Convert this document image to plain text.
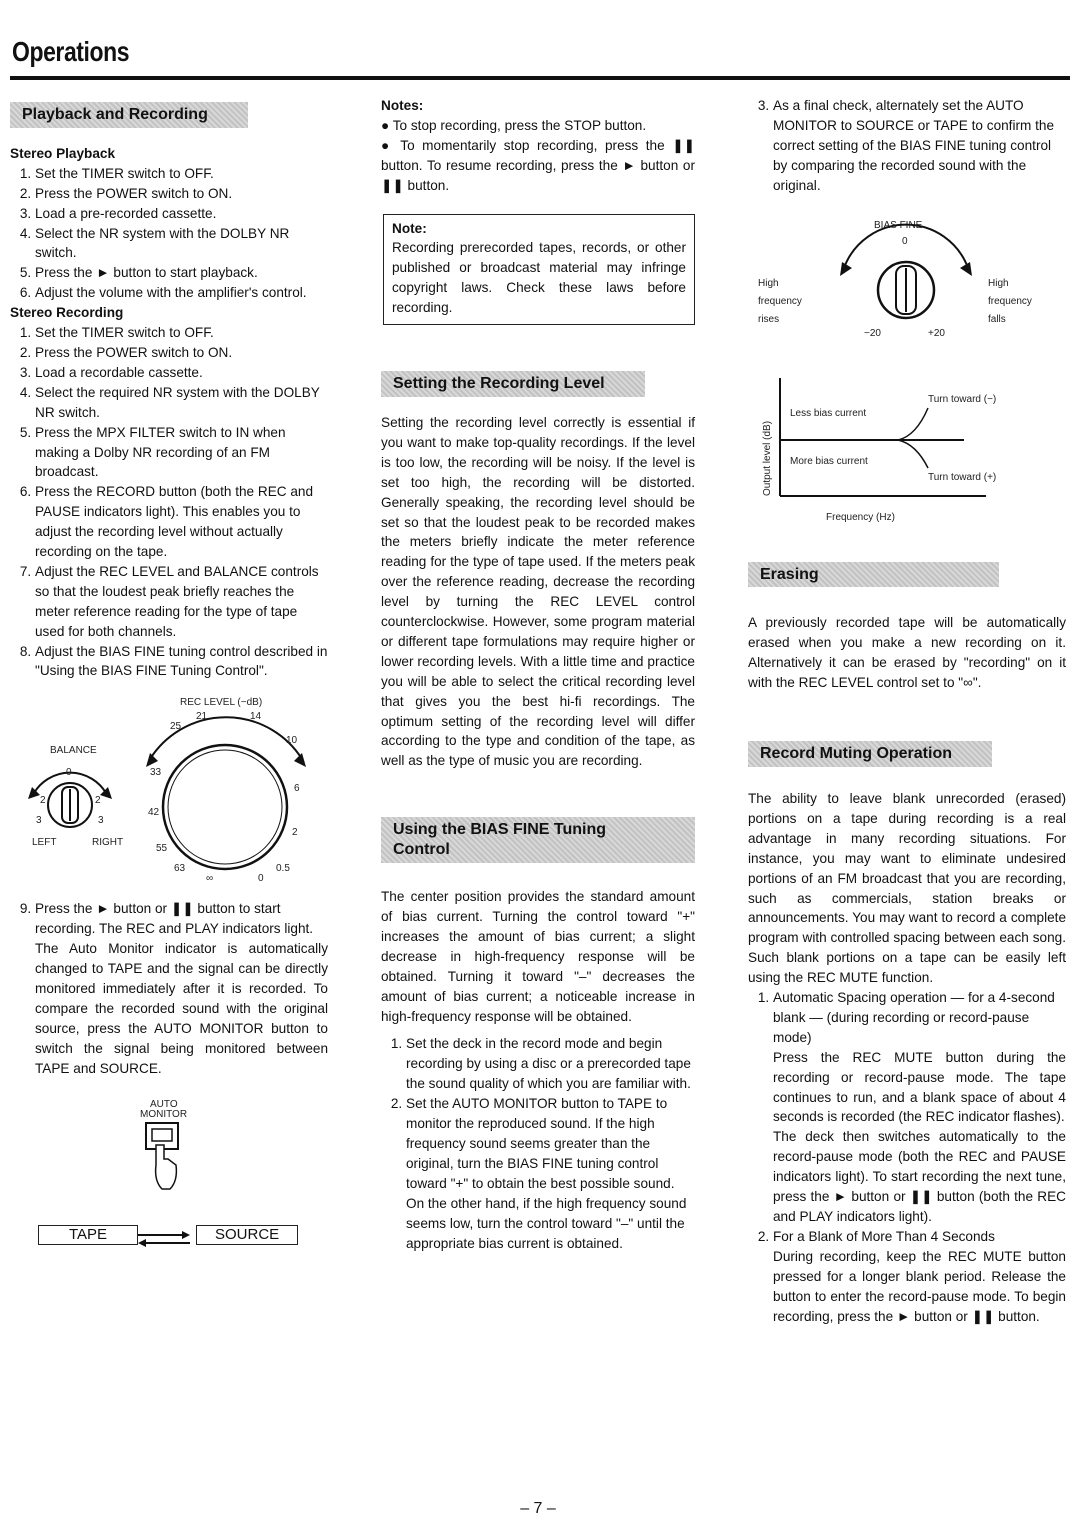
Operations
Playback and Recording
Stereo Playback
1. Set the TIMER switch to OFF.
2. Press the POWER switch to ON.
3. Load a pre-recorded cassette.
4. Select the NR system with the DOLBY NR switch.
5. Press the ► button to start playback.
6. Adjust the volume with the amplifier's control.
Stereo Recording
1. Set the TIMER switch to OFF.
2. Press the POWER switch to ON.
3. Load a recordable cassette.
4. Select the required NR system with the DOLBY NR switch.
5. Press the MPX FILTER switch to IN when making a Dolby NR recording of an FM broadcast.
6. Press the RECORD button (both the REC and PAUSE indicators light). This enables you to adjust the recording level without actually recording on the tape.
7. Adjust the REC LEVEL and BALANCE controls so that the loudest peak briefly reaches the meter reference reading for the type of tape used for both channels.
8. Adjust the BIAS FINE tuning control described in "Using the BIAS FINE Tuning Control".
REC LEVEL (−dB)
BALANCE
0
2	2
3	3
LEFT	RIGHT
25
21	14
10
33
42
55
63
∞
6
2
0
0.5
9. Press the ► button or ❚❚ button to start recording. The REC and PLAY indicators light.

The Auto Monitor indicator is automatically changed to TAPE and the signal can be directly monitored immediately after it is recorded. To compare the recorded sound with the original source, press the AUTO MONITOR button to switch the signal being monitored between TAPE and SOURCE.

AUTO
MONITOR
TAPE	SOURCE
Notes:

● To stop recording, press the STOP button.

● To momentarily stop recording, press the ❚❚ button. To resume recording, press the ► button or ❚❚ button.

Note:

Recording prerecorded tapes, records, or other published or broadcast material may infringe copyright laws. Check these laws before recording.

Setting the Recording Level

Setting the recording level correctly is essential if you want to make top-quality recordings. If the level is too low, the recording will be noisy. If the level is set too high, the recording will be distorted. Generally speaking, the recording level should be set so that the loudest peak to be recorded makes the meters briefly indicate the meter reference reading for the type of tape used. If the meters peak over the reference reading, decrease the recording level by turning the REC LEVEL control counterclockwise. However, some program material or different tape formulations may require higher or lower recording levels. With a little time and practice you will be able to select the critical recording level that gives you the best hi-fi recordings. The optimum setting of the recording level will differ according to the type and condition of the tape, as well as the type of music you are recording.

Using the BIAS FINE Tuning Control

The center position provides the standard amount of bias current. Turning the control toward "+" increases the amount of bias current; a slight decrease in high-frequency response will be obtained. Turning it toward "–" decreases the amount of bias current; a noticeable increase in high-frequency response will be obtained.

1. Set the deck in the record mode and begin recording by using a disc or a prerecorded tape the sound quality of which you are familiar with.
2. Set the AUTO MONITOR button to TAPE to monitor the reproduced sound. If the high frequency sound seems greater than the original, turn the BIAS FINE tuning control toward "+" to obtain the best possible sound. On the other hand, if the high frequency sound seems low, turn the control toward "–" until the appropriate bias current is obtained.
3. As a final check, alternately set the AUTO MONITOR to SOURCE or TAPE to confirm the correct setting of the BIAS FINE tuning control by comparing the recorded sound with the original.
BIAS FINE
0
−20	+20
High
frequency
rises
High
frequency
falls
Output level (dB)
Less bias current
More bias current
Turn toward (−)
Turn toward (+)
Frequency (Hz)
Erasing

A previously recorded tape will be automatically erased when you make a new recording on it. Alternatively it can be erased by "recording" on it with the REC LEVEL control set to "∞".

Record Muting Operation

The ability to leave blank unrecorded (erased) portions on a tape during recording is a real advantage in many recording situations. For instance, you may want to eliminate undesired portions of an FM broadcast that you are recording, such as commercials, station breaks or announcements. You may want to record a complete program with controlled spacing between each song. Such blank portions on a tape can be easily left using the REC MUTE function.

1. Automatic Spacing operation — for a 4-second blank — (during recording or record-pause mode)

Press the REC MUTE button during the recording or record-pause mode. The tape continues to run, and a blank space of about 4 seconds is recorded (the REC indicator flashes).

The deck then switches automatically to the record-pause mode (both the REC and PAUSE indicators light). To start recording the next tune, press the ► button or ❚❚ button (both the REC and PLAY indicators light).

2. For a Blank of More Than 4 Seconds

During recording, keep the REC MUTE button pressed for a longer blank period. Release the button to enter the record-pause mode. To begin recording, press the ► button or ❚❚ button.

– 7 –
